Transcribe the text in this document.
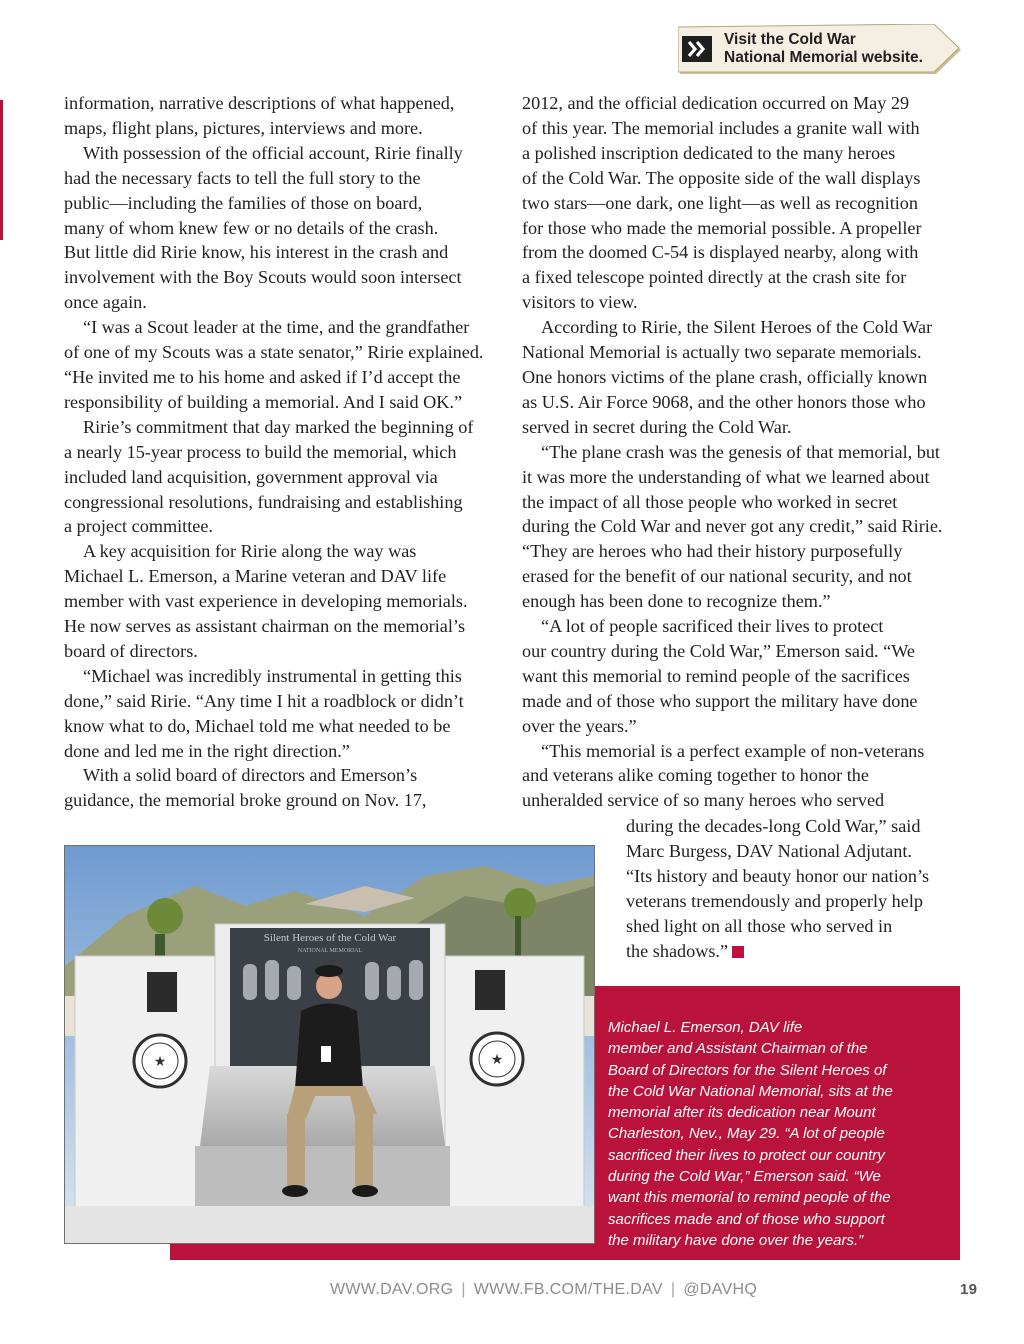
Visit the Cold War
National Memorial website.
information, narrative descriptions of what happened,
maps, flight plans, pictures, interviews and more.
With possession of the official account, Ririe finally
had the necessary facts to tell the full story to the
public—including the families of those on board,
many of whom knew few or no details of the crash.
But little did Ririe know, his interest in the crash and
involvement with the Boy Scouts would soon intersect
once again.
“I was a Scout leader at the time, and the grandfather
of one of my Scouts was a state senator,” Ririe explained.
“He invited me to his home and asked if I’d accept the
responsibility of building a memorial. And I said OK.”
Ririe’s commitment that day marked the beginning of
a nearly 15-year process to build the memorial, which
included land acquisition, government approval via
congressional resolutions, fundraising and establishing
a project committee.
A key acquisition for Ririe along the way was
Michael L. Emerson, a Marine veteran and DAV life
member with vast experience in developing memorials.
He now serves as assistant chairman on the memorial’s
board of directors.
“Michael was incredibly instrumental in getting this
done,” said Ririe. “Any time I hit a roadblock or didn’t
know what to do, Michael told me what needed to be
done and led me in the right direction.”
With a solid board of directors and Emerson’s
guidance, the memorial broke ground on Nov. 17,
2012, and the official dedication occurred on May 29
of this year. The memorial includes a granite wall with
a polished inscription dedicated to the many heroes
of the Cold War. The opposite side of the wall displays
two stars—one dark, one light—as well as recognition
for those who made the memorial possible. A propeller
from the doomed C-54 is displayed nearby, along with
a fixed telescope pointed directly at the crash site for
visitors to view.
According to Ririe, the Silent Heroes of the Cold War
National Memorial is actually two separate memorials.
One honors victims of the plane crash, officially known
as U.S. Air Force 9068, and the other honors those who
served in secret during the Cold War.
“The plane crash was the genesis of that memorial, but
it was more the understanding of what we learned about
the impact of all those people who worked in secret
during the Cold War and never got any credit,” said Ririe.
“They are heroes who had their history purposefully
erased for the benefit of our national security, and not
enough has been done to recognize them.”
“A lot of people sacrificed their lives to protect
our country during the Cold War,” Emerson said. “We
want this memorial to remind people of the sacrifices
made and of those who support the military have done
over the years.”
“This memorial is a perfect example of non-veterans
and veterans alike coming together to honor the
unheralded service of so many heroes who served
during the decades-long Cold War,” said
Marc Burgess, DAV National Adjutant.
“Its history and beauty honor our nation’s
veterans tremendously and properly help
shed light on all those who served in
the shadows.”
Silent Heroes of the Cold War
NATIONAL MEMORIAL
★	★
Michael L. Emerson, DAV life
member and Assistant Chairman of the
Board of Directors for the Silent Heroes of
the Cold War National Memorial, sits at the
memorial after its dedication near Mount
Charleston, Nev., May 29. “A lot of people
sacrificed their lives to protect our country
during the Cold War,” Emerson said. “We
want this memorial to remind people of the
sacrifices made and of those who support
the military have done over the years.”
WWW.DAV.ORG | WWW.FB.COM/THE.DAV | @DAVHQ	19
